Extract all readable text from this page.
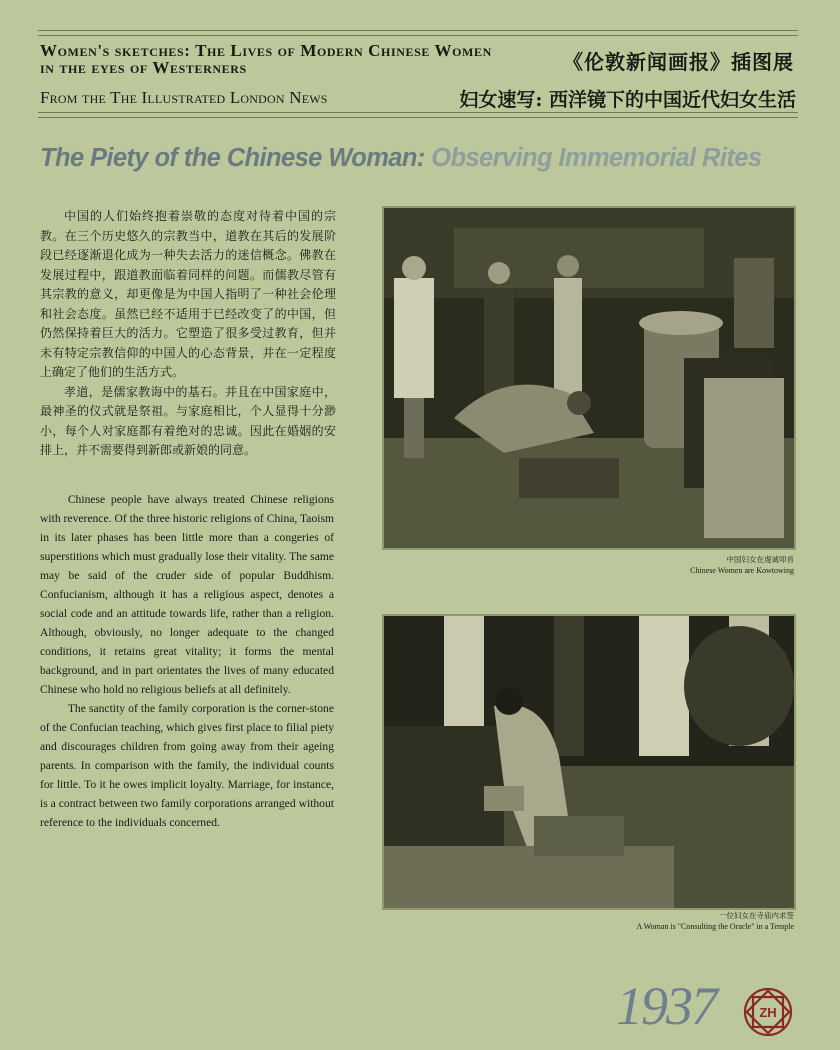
Women's sketches: The Lives of Modern Chinese Women
in the eyes of Westerners
From the The Illustrated London News
《伦敦新闻画报》插图展
妇女速写: 西洋镜下的中国近代妇女生活
The Piety of the Chinese Woman: Observing Immemorial Rites

中国的人们始终抱着崇敬的态度对待着中国的宗教。在三个历史悠久的宗教当中，道教在其后的发展阶段已经逐渐退化成为一种失去活力的迷信概念。佛教在发展过程中，跟道教面临着同样的问题。而儒教尽管有其宗教的意义，却更像是为中国人指明了一种社会伦理和社会态度。虽然已经不适用于已经改变了的中国，但仍然保持着巨大的活力。它塑造了很多受过教育，但并未有特定宗教信仰的中国人的心态背景，并在一定程度上确定了他们的生活方式。

孝道，是儒家教诲中的基石。并且在中国家庭中，最神圣的仪式就是祭祖。与家庭相比，个人显得十分渺小，每个人对家庭都有着绝对的忠诚。因此在婚姻的安排上，并不需要得到新郎或新娘的同意。

Chinese people have always treated Chinese religions with reverence. Of the three historic religions of China, Taoism in its later phases has been little more than a congeries of superstitions which must gradually lose their vitality. The same may be said of the cruder side of popular Buddhism. Confucianism, although it has a religious aspect, denotes a social code and an attitude towards life, rather than a religion. Although, obviously, no longer adequate to the changed conditions, it retains great vitality; it forms the mental background, and in part orientates the lives of many educated Chinese who hold no religious beliefs at all definitely.

The sanctity of the family corporation is the corner-stone of the Confucian teaching, which gives first place to filial piety and discourages children from going away from their ageing parents. In comparison with the family, the individual counts for little. To it he owes implicit loyalty. Marriage, for instance, is a contract between two family corporations arranged without reference to the individuals concerned.

中国妇女在虔诚叩首
Chinese Women are Kowtowing
一位妇女在寺庙内求签
A Woman is "Consulting the Oracle" in a Temple
1937	ZH
